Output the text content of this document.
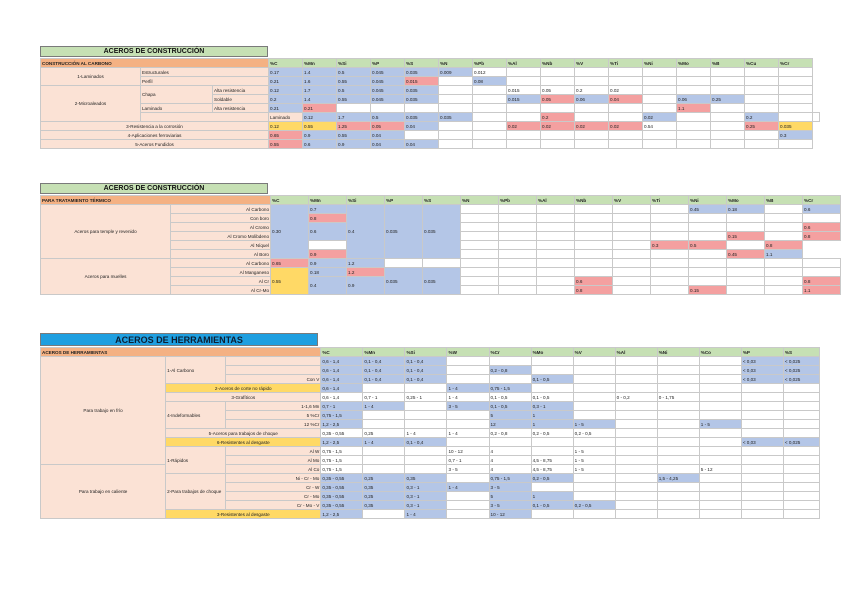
ACEROS DE CONSTRUCCIÓN
CONSTRUCCIÓN AL CARBONO			%C	%Mn	%Si	%P	%S	%N	%Pb	%Al	%Nb	%V	%Ti	%Ni	%Mo	%B	%Cu	%Cr	
1-Laminados	Estructurales		0.17	1.4	0.5	0.045	0.035	0.009	0.012										
	Perfil		0.21	1.6	0.55	0.045	0.015		0.08										
2-Microaleados	Chapa	Alta resistencia	0.12	1.7	0.5	0.045	0.035			0.015	0.05	0.2	0.02						
		Soldable	0.2	1.4	0.55	0.045	0.035			0.015	0.05	0.06	0.04		0.06	0.25			
	Laminado	Alta resistencia	0.21	0.21											1.1				
			Laminado	0.12	1.7	0.5	0.035	0.035			0.2			0.02			0.2		
3-Resistencia a la corrosión			0.12	0.55	1.25	0.05	0.04			0.02	0.02	0.02	0.02	0.54			0.25	0.035	
4-Aplicaciones ferroviarias			0.65	0.9	0.55	0.04												0.3	
5-Aceros Fundidos			0.55	0.6	0.9	0.04	0.04												
ACEROS DE CONSTRUCCIÓN
PARA TRATAMIENTO TÉRMICO		%C	%Mn	%Si	%P	%S	%N	%Pb	%Al	%Nb	%V	%Ti	%Ni	%Mo	%B	%Cr
Aceros para temple y revenido	Al Carbono	0.30	0.7	0.4	0.035	0.035							0.45	0.18		0.6
	Con boro		0.8													
	Al Cromo		0.6													0.6
	Al Cromo Molibdeno													0.15		0.8
	Al Níquel											0.3	0.5		0.8	
	Al Boro		0.9											0.45	1.1	
Aceros para muelles	Al Carbono	0.65	0.9	1.2												
	Al Manganeso	0.55	0.18	1.2	0.035	0.035										
	Al Cr		0.4	0.9						0.6						0.8
	Al Cr-Mo									0.8			0.15			1.1
ACEROS DE HERRAMIENTAS
ACEROS DE HERRAMIENTAS			%C	%Mn	%Si	%W	%Cr	%Mo	%V	%Al	%Ni	%Co	%P	%S
Para trabajo en frío	1-Al Carbono		0,6 - 1,4	0,1 - 0,4	0,1 - 0,4								< 0,03	< 0,025
			0,6 - 1,4	0,1 - 0,4	0,1 - 0,4		0,2 - 0,8						< 0,03	< 0,025
		Con V	0,6 - 1,4	0,1 - 0,4	0,1 - 0,4			0,1 - 0,5					< 0,03	< 0,025
	2-Aceros de corte no rápido		0,6 - 1,4			1 - 4	0,75 - 1,5							
	3-Grafíticos		0,6 - 1,4	0,7 - 1	0,25 - 1	1 - 4	0,1 - 0,5	0,1 - 0,5		0 - 0,2	0 - 1,75			
	4-Indeformables	1-1,6 Mn	0,7 - 1	1 - 4		3 - 5	0,1 - 0,5	0,3 - 1						
		5 %Cr	0,75 - 1,5				5	1						
		12 %Cr	1,2 - 2,5				12	1	1 - 5			1 - 5		
	5-Aceros para trabajos de choque		0,35 - 0,55	0,25	1 - 4	1 - 4	0,2 - 0,8	0,2 - 0,5	0,2 - 0,5					
	6-Resistentes al desgaste		1,2 - 2,5	1 - 4	0,1 - 0,4								< 0,03	< 0,025
	1-Rápidos	Al W	0,75 - 1,5			10 - 12	4		1 - 5					
		Al Mo	0,75 - 1,5			0,7 - 1	4	4,5 - 8,75	1 - 5					
Para trabajo en caliente		Al Co	0,75 - 1,5			3 - 5	4	4,5 - 8,75	1 - 5			5 - 12		
	2-Para trabajos de choque	Ni - Cr - Mo	0,35 - 0,55	0,25	0,35		0,75 - 1,5	0,2 - 0,5			1,5 - 4,25			
		Cr - W	0,35 - 0,55	0,35	0,3 - 1	1 - 4	3 - 5							
		Cr - Mo	0,35 - 0,55	0,25	0,3 - 1		5	1						
		Cr - Mo - V	0,35 - 0,55	0,35	0,3 - 1		3 - 5	0,1 - 0,5	0,2 - 0,5					
	3-Resistentes al desgaste		1,2 - 2,5		1 - 4		10 - 12							
